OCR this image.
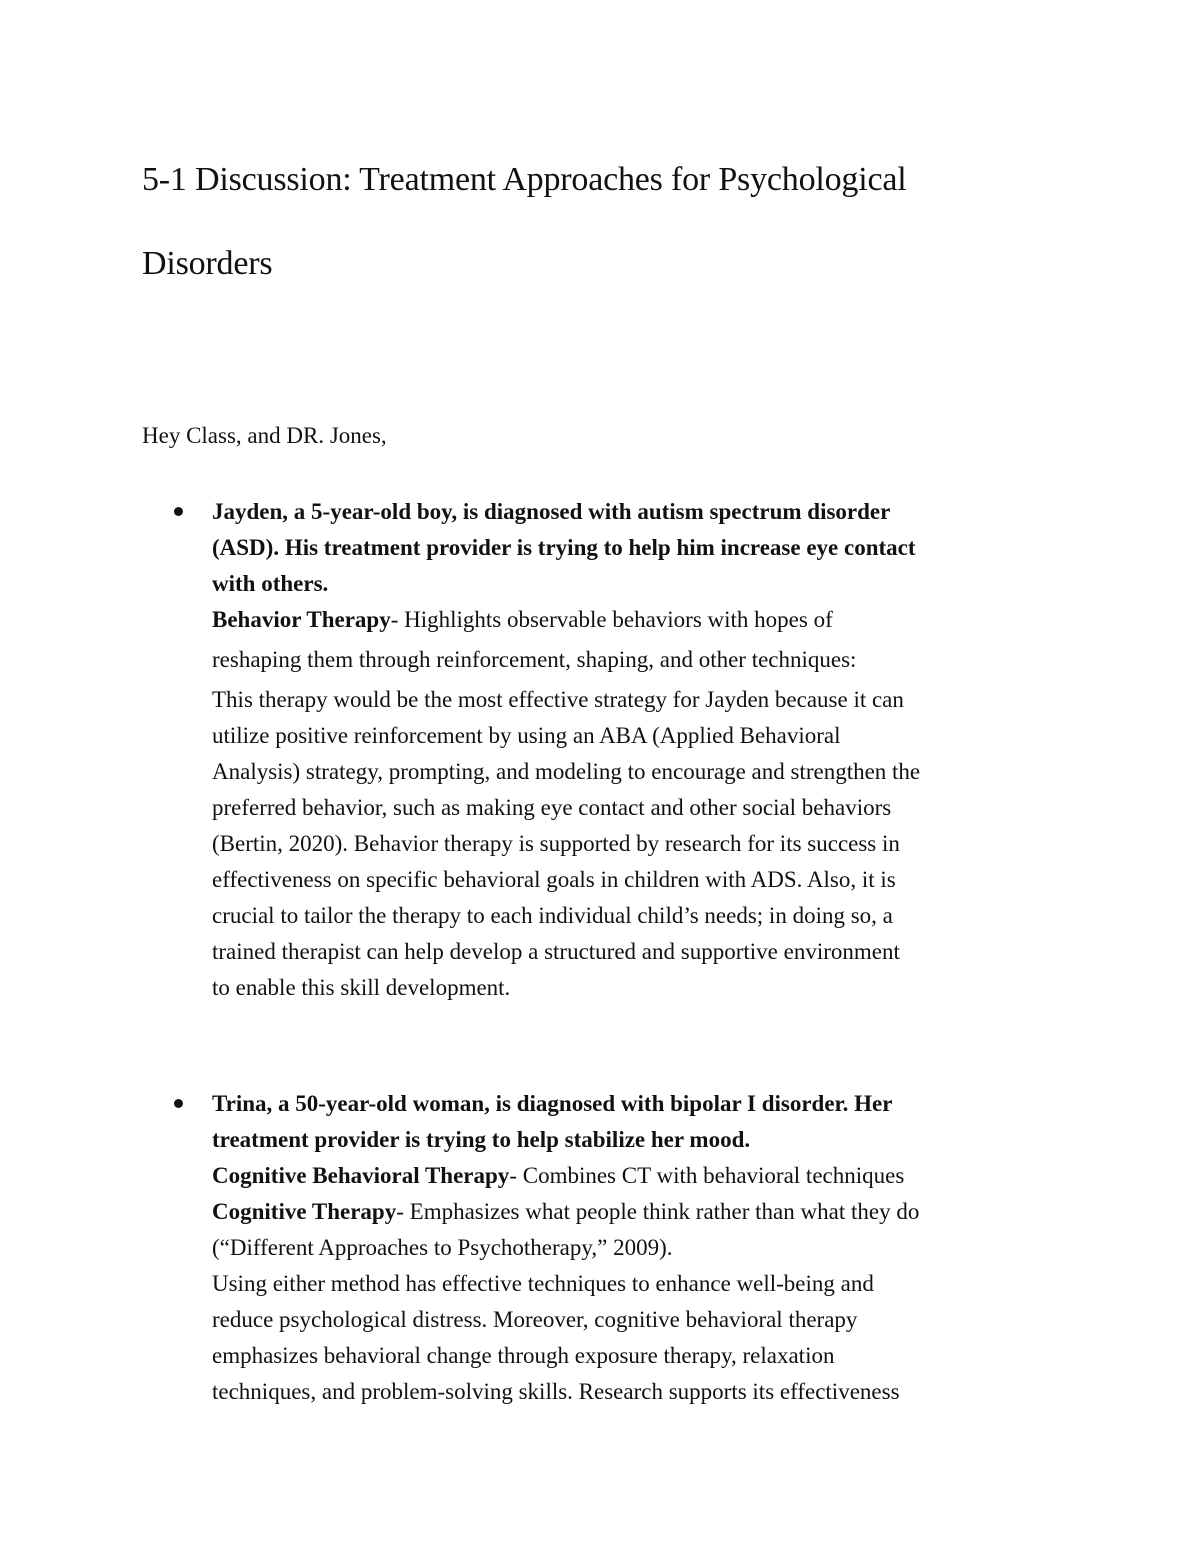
5-1 Discussion: Treatment Approaches for Psychological
Disorders

Hey Class, and DR. Jones,

Jayden, a 5-year-old boy, is diagnosed with autism spectrum disorder
(ASD). His treatment provider is trying to help him increase eye contact
with others.
Behavior Therapy- Highlights observable behaviors with hopes of
reshaping them through reinforcement, shaping, and other techniques:
This therapy would be the most effective strategy for Jayden because it can
utilize positive reinforcement by using an ABA (Applied Behavioral
Analysis) strategy, prompting, and modeling to encourage and strengthen the
preferred behavior, such as making eye contact and other social behaviors
(Bertin, 2020). Behavior therapy is supported by research for its success in
effectiveness on specific behavioral goals in children with ADS. Also, it is
crucial to tailor the therapy to each individual child’s needs; in doing so, a
trained therapist can help develop a structured and supportive environment
to enable this skill development.
Trina, a 50-year-old woman, is diagnosed with bipolar I disorder. Her
treatment provider is trying to help stabilize her mood.
Cognitive Behavioral Therapy- Combines CT with behavioral techniques
Cognitive Therapy- Emphasizes what people think rather than what they do
(“Different Approaches to Psychotherapy,” 2009).
Using either method has effective techniques to enhance well-being and
reduce psychological distress. Moreover, cognitive behavioral therapy
emphasizes behavioral change through exposure therapy, relaxation
techniques, and problem-solving skills. Research supports its effectiveness
